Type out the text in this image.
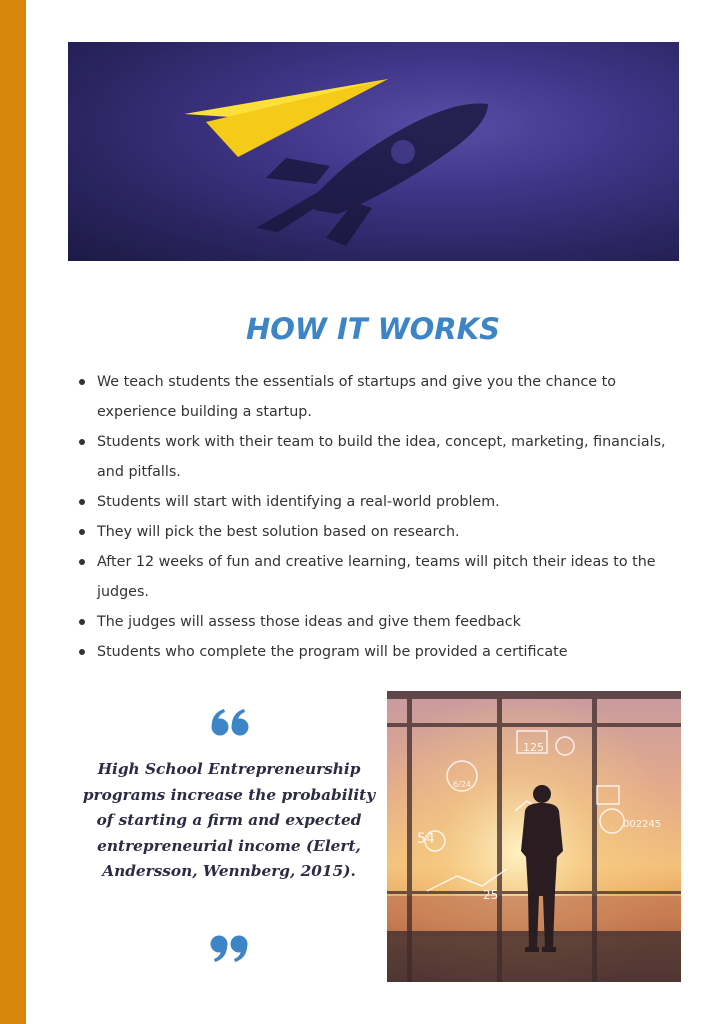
HOW IT WORKS
We teach students the essentials of startups and give you the chance to experience building a startup.
Students work with their team to build the idea, concept, marketing, financials, and pitfalls.
Students will start with identifying a real-world problem.
They will pick the best solution based on research.
After 12 weeks of fun and creative learning, teams will pitch their ideas to the judges.
The judges will assess those ideas and give them feedback
Students who complete the program will be provided a certificate
High School Entrepreneurship programs increase the probability of starting a firm and expected entrepreneurial income (Elert, Andersson, Wennberg, 2015).
125
6/24
54
25
002245
